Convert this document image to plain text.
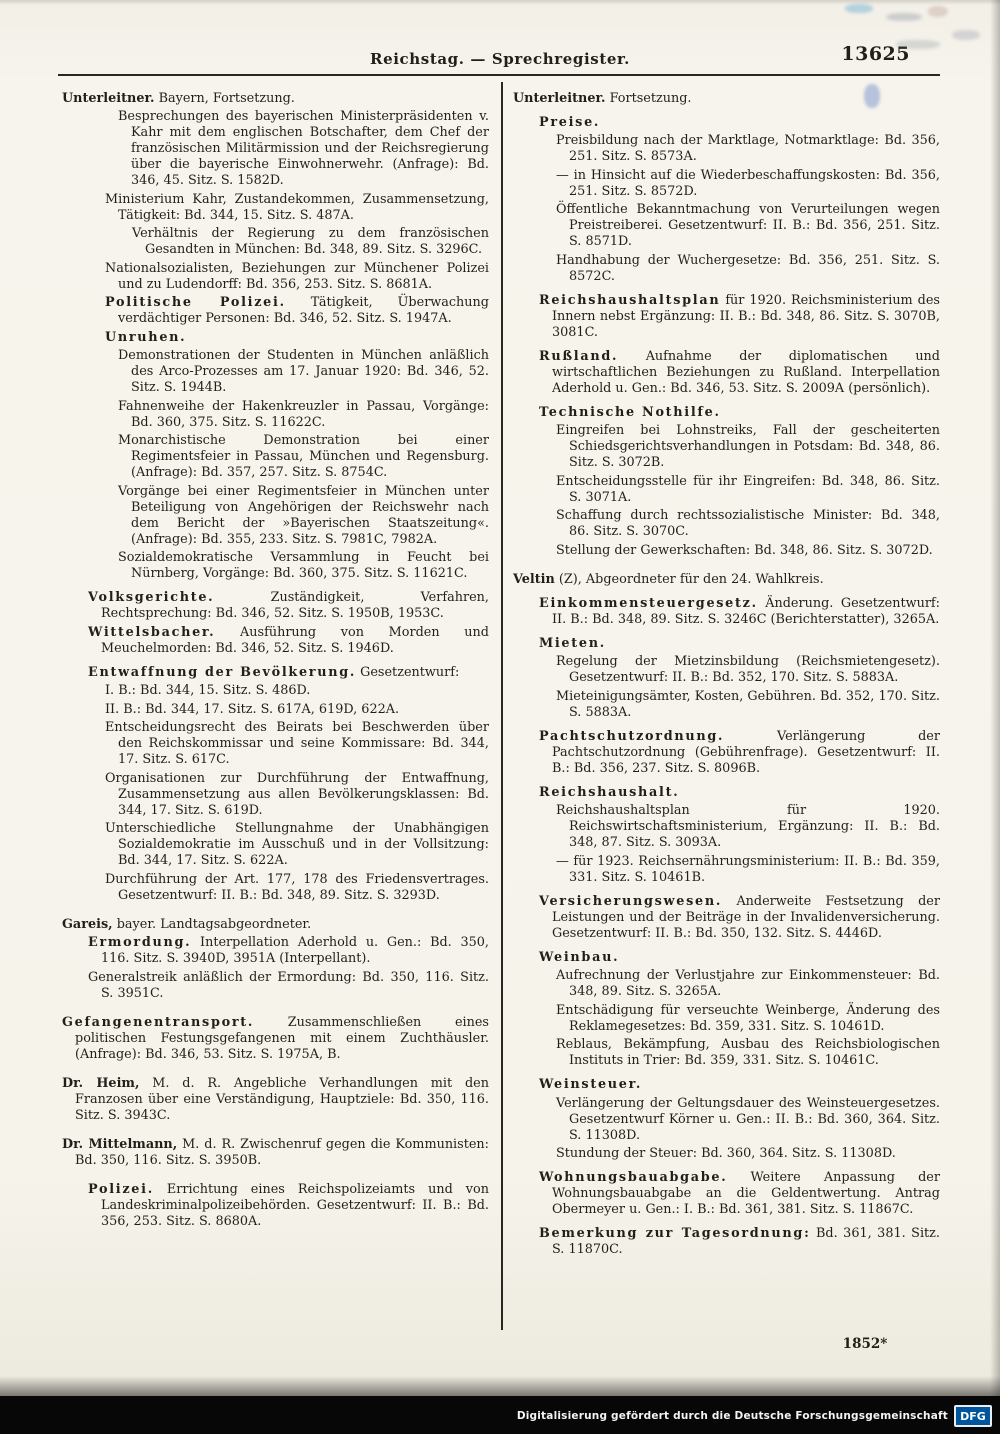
Reichstag. — Sprechregister.	13625

Unterleitner. Bayern, Fortsetzung.

Besprechungen des bayerischen Ministerpräsidenten v. Kahr mit dem englischen Botschafter, dem Chef der französischen Militärmission und der Reichsregierung über die bayerische Einwohnerwehr. (Anfrage): Bd. 346, 45. Sitz. S. 1582D.

Ministerium Kahr, Zustandekommen, Zusammensetzung, Tätigkeit: Bd. 344, 15. Sitz. S. 487A.

Verhältnis der Regierung zu dem französischen Gesandten in München: Bd. 348, 89. Sitz. S. 3296C.

Nationalsozialisten, Beziehungen zur Münchener Polizei und zu Ludendorff: Bd. 356, 253. Sitz. S. 8681A.

Politische Polizei. Tätigkeit, Überwachung verdächtiger Personen: Bd. 346, 52. Sitz. S. 1947A.

Unruhen.

Demonstrationen der Studenten in München anläßlich des Arco-Prozesses am 17. Januar 1920: Bd. 346, 52. Sitz. S. 1944B.

Fahnenweihe der Hakenkreuzler in Passau, Vorgänge: Bd. 360, 375. Sitz. S. 11622C.

Monarchistische Demonstration bei einer Regimentsfeier in Passau, München und Regensburg. (Anfrage): Bd. 357, 257. Sitz. S. 8754C.

Vorgänge bei einer Regimentsfeier in München unter Beteiligung von Angehörigen der Reichswehr nach dem Bericht der »Bayerischen Staatszeitung«. (Anfrage): Bd. 355, 233. Sitz. S. 7981C, 7982A.

Sozialdemokratische Versammlung in Feucht bei Nürnberg, Vorgänge: Bd. 360, 375. Sitz. S. 11621C.

Volksgerichte.	Zuständigkeit, Verfahren, Rechtsprechung: Bd. 346, 52. Sitz. S. 1950B, 1953C.

Wittelsbacher. Ausführung von Morden und Meuchelmorden: Bd. 346, 52. Sitz. S. 1946D.

Entwaffnung der Bevölkerung. Gesetzentwurf:

I. B.: Bd. 344, 15. Sitz. S. 486D.

II. B.: Bd. 344, 17. Sitz. S. 617A, 619D, 622A.

Entscheidungsrecht des Beirats bei Beschwerden über den Reichskommissar und seine Kommissare: Bd. 344, 17. Sitz. S. 617C.

Organisationen zur Durchführung der Entwaffnung, Zusammensetzung aus allen Bevölkerungsklassen: Bd. 344, 17. Sitz. S. 619D.

Unterschiedliche Stellungnahme der Unabhängigen Sozialdemokratie im Ausschuß und in der Vollsitzung: Bd. 344, 17. Sitz. S. 622A.

Durchführung der Art. 177, 178 des Friedensvertrages. Gesetzentwurf: II. B.: Bd. 348, 89. Sitz. S. 3293D.

Gareis, bayer. Landtagsabgeordneter.

Ermordung. Interpellation Aderhold u. Gen.: Bd. 350, 116. Sitz. S. 3940D, 3951A (Interpellant).

Generalstreik anläßlich der Ermordung: Bd. 350, 116. Sitz. S. 3951C.

Gefangenentransport.	Zusammenschließen eines politischen Festungsgefangenen mit einem Zuchthäusler. (Anfrage): Bd. 346, 53. Sitz. S. 1975A, B.

Dr. Heim, M. d. R. Angebliche Verhandlungen mit den Franzosen über eine Verständigung, Hauptziele: Bd. 350, 116. Sitz. S. 3943C.

Dr. Mittelmann, M. d. R. Zwischenruf gegen die Kommunisten: Bd. 350, 116. Sitz. S. 3950B.

Polizei. Errichtung eines Reichspolizeiamts und von Landeskriminalpolizeibehörden. Gesetzentwurf: II. B.: Bd. 356, 253. Sitz. S. 8680A.

Unterleitner. Fortsetzung.

Preise.

Preisbildung nach der Marktlage, Notmarktlage: Bd. 356, 251. Sitz. S. 8573A.

— in Hinsicht auf die Wiederbeschaffungskosten: Bd. 356, 251. Sitz. S. 8572D.

Öffentliche Bekanntmachung von Verurteilungen wegen Preistreiberei. Gesetzentwurf: II. B.: Bd. 356, 251. Sitz. S. 8571D.

Handhabung der Wuchergesetze: Bd. 356, 251. Sitz. S. 8572C.

Reichshaushaltsplan für 1920. Reichsministerium des Innern nebst Ergänzung: II. B.: Bd. 348, 86. Sitz. S. 3070B, 3081C.

Rußland. Aufnahme der diplomatischen und wirtschaftlichen Beziehungen zu Rußland. Interpellation Aderhold u. Gen.: Bd. 346, 53. Sitz. S. 2009A (persönlich).

Technische Nothilfe.

Eingreifen bei Lohnstreiks, Fall der gescheiterten Schiedsgerichtsverhandlungen in Potsdam: Bd. 348, 86. Sitz. S. 3072B.

Entscheidungsstelle für ihr Eingreifen: Bd. 348, 86. Sitz. S. 3071A.

Schaffung durch rechtssozialistische Minister: Bd. 348, 86. Sitz. S. 3070C.

Stellung der Gewerkschaften: Bd. 348, 86. Sitz. S. 3072D.

Veltin (Z), Abgeordneter für den 24. Wahlkreis.

Einkommensteuergesetz. Änderung. Gesetzentwurf: II. B.: Bd. 348, 89. Sitz. S. 3246C (Berichterstatter), 3265A.

Mieten.

Regelung der Mietzinsbildung (Reichsmietengesetz). Gesetzentwurf: II. B.: Bd. 352, 170. Sitz. S. 5883A.

Mieteinigungsämter, Kosten, Gebühren. Bd. 352, 170. Sitz. S. 5883A.

Pachtschutzordnung.	Verlängerung der Pachtschutzordnung (Gebührenfrage). Gesetzentwurf: II. B.: Bd. 356, 237. Sitz. S. 8096B.

Reichshaushalt.

Reichshaushaltsplan für 1920. Reichswirtschaftsministerium, Ergänzung: II. B.: Bd. 348, 87. Sitz. S. 3093A.

— für 1923. Reichsernährungsministerium: II. B.: Bd. 359, 331. Sitz. S. 10461B.

Versicherungswesen. Anderweite Festsetzung der Leistungen und der Beiträge in der Invalidenversicherung. Gesetzentwurf: II. B.: Bd. 350, 132. Sitz. S. 4446D.

Weinbau.

Aufrechnung der Verlustjahre zur Einkommensteuer: Bd. 348, 89. Sitz. S. 3265A.

Entschädigung für verseuchte Weinberge, Änderung des Reklamegesetzes: Bd. 359, 331. Sitz. S. 10461D.

Reblaus, Bekämpfung, Ausbau des Reichsbiologischen Instituts in Trier: Bd. 359, 331. Sitz. S. 10461C.

Weinsteuer.

Verlängerung der Geltungsdauer des Weinsteuergesetzes. Gesetzentwurf Körner u. Gen.: II. B.: Bd. 360, 364. Sitz. S. 11308D.

Stundung der Steuer: Bd. 360, 364. Sitz. S. 11308D.

Wohnungsbauabgabe. Weitere Anpassung der Wohnungsbauabgabe an die Geldentwertung. Antrag Obermeyer u. Gen.: I. B.: Bd. 361, 381. Sitz. S. 11867C.

Bemerkung zur Tagesordnung: Bd. 361, 381. Sitz. S. 11870C.

1852*
Digitalisierung gefördert durch die Deutsche Forschungsgemeinschaft	DFG
